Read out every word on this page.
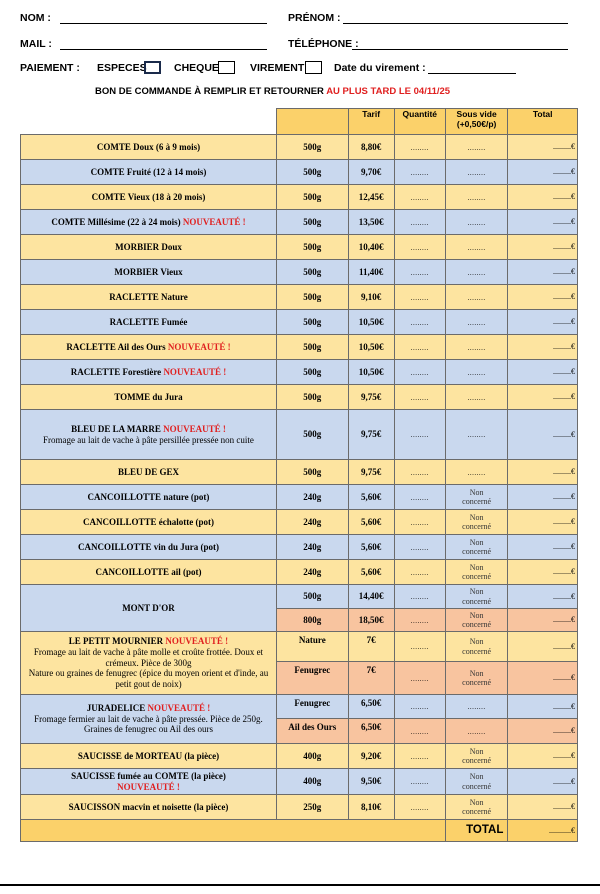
NOM :	PRÉNOM :
MAIL :	TÉLÉPHONE :
PAIEMENT : ESPECES	CHEQUE	VIREMENT	Date du virement :
BON DE COMMANDE À REMPLIR ET RETOURNER AU PLUS TARD LE 04/11/25
		Tarif	Quantité	Sous vide
(+0,50€/p)	Total
COMTE Doux (6 à 9 mois)	500g	8,80€	........	........	.........€
COMTE Fruité (12 à 14 mois)	500g	9,70€	........	........	.........€
COMTE Vieux (18 à 20 mois)	500g	12,45€	........	........	.........€
COMTE Millésime (22 à 24 mois) NOUVEAUTÉ !	500g	13,50€	........	........	.........€
MORBIER Doux	500g	10,40€	........	........	.........€
MORBIER Vieux	500g	11,40€	........	........	.........€
RACLETTE Nature	500g	9,10€	........	........	.........€
RACLETTE Fumée	500g	10,50€	........	........	.........€
RACLETTE Ail des Ours NOUVEAUTÉ !	500g	10,50€	........	........	.........€
RACLETTE Forestière NOUVEAUTÉ !	500g	10,50€	........	........	.........€
TOMME du Jura	500g	9,75€	........	........	.........€
BLEU DE LA MARRE NOUVEAUTÉ !
Fromage au lait de vache à pâte persillée pressée non cuite	500g	9,75€	........	........	.........€
BLEU DE GEX	500g	9,75€	........	........	.........€
CANCOILLOTTE nature (pot)	240g	5,60€	........	Non
concerné	.........€
CANCOILLOTTE échalotte (pot)	240g	5,60€	........	Non
concerné	.........€
CANCOILLOTTE vin du Jura (pot)	240g	5,60€	........	Non
concerné	.........€
CANCOILLOTTE ail (pot)	240g	5,60€	........	Non
concerné	.........€
MONT D'OR	500g	14,40€	........	Non
concerné	.........€
	800g	18,50€	........	Non
concerné	.........€
LE PETIT MOURNIER NOUVEAUTÉ !
Fromage au lait de vache à pâte molle et croûte frottée. Doux et crémeux. Pièce de 300g
Nature ou graines de fenugrec (épice du moyen orient et d'inde, au petit gout de noix)	Nature	7€	........	Non
concerné	.........€
	Fenugrec	7€	........	Non
concerné	.........€
JURADELICE NOUVEAUTÉ !
Fromage fermier au lait de vache à pâte pressée. Pièce de 250g.
Graines de fenugrec ou Ail des ours	Fenugrec	6,50€	........	........	.........€
	Ail des Ours	6,50€	........	........	.........€
SAUCISSE de MORTEAU (la pièce)	400g	9,20€	........	Non
concerné	.........€
SAUCISSE fumée au COMTE (la pièce)
NOUVEAUTÉ !	400g	9,50€	........	Non
concerné	.........€
SAUCISSON macvin et noisette (la pièce)	250g	8,10€	........	Non
concerné	.........€
				TOTAL	...........€
